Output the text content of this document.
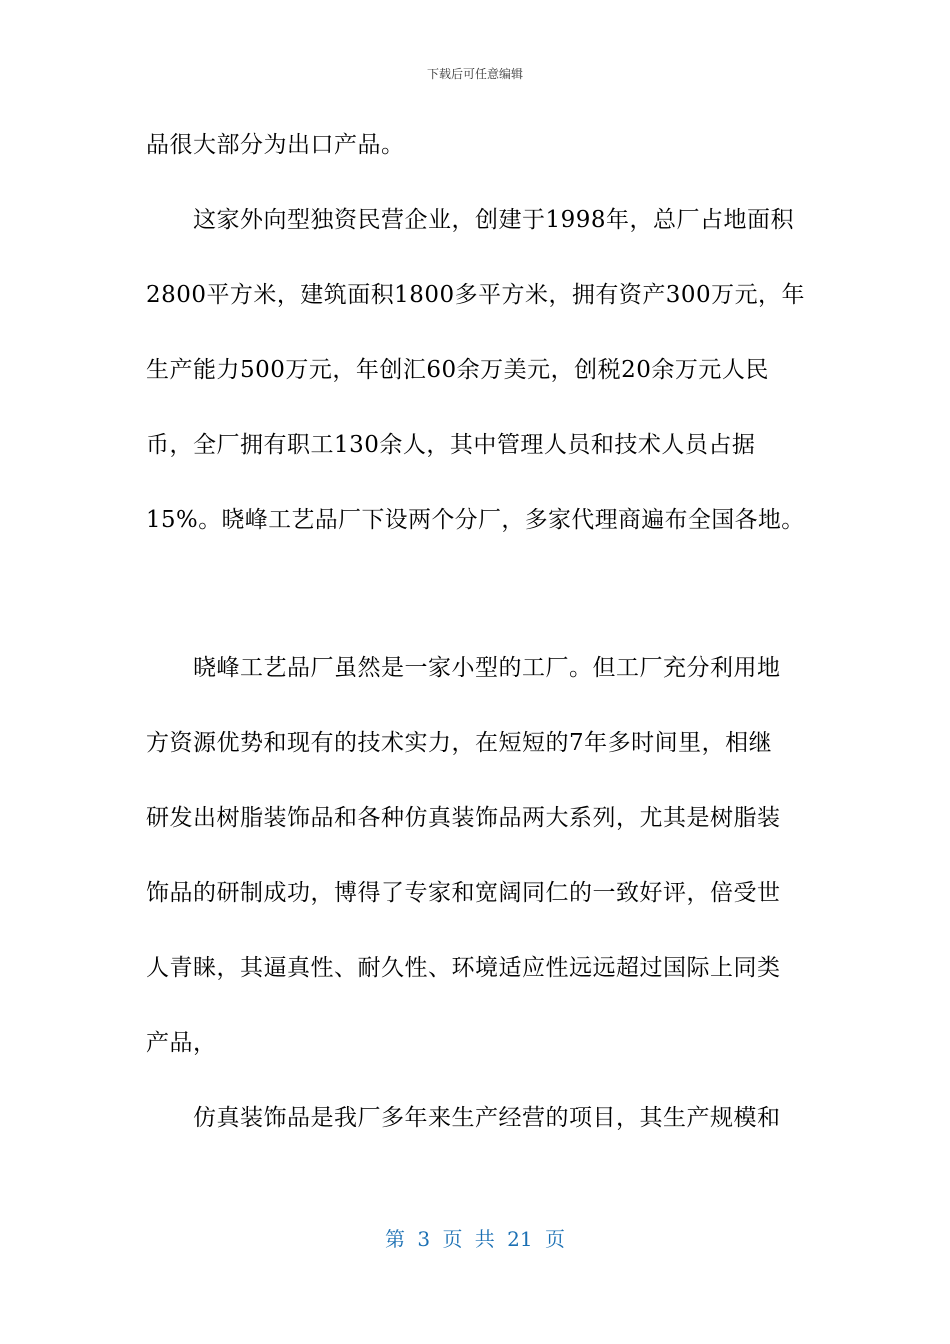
下载后可任意编辑
品很大部分为出口产品。
这家外向型独资民营企业，创建于1998年，总厂占地面积
2800平方米，建筑面积1800多平方米，拥有资产300万元，年
生产能力500万元，年创汇60余万美元，创税20余万元人民
币，全厂拥有职工130余人，其中管理人员和技术人员占据
15%。晓峰工艺品厂下设两个分厂，多家代理商遍布全国各地。
晓峰工艺品厂虽然是一家小型的工厂。但工厂充分利用地
方资源优势和现有的技术实力，在短短的7年多时间里，相继
研发出树脂装饰品和各种仿真装饰品两大系列，尤其是树脂装
饰品的研制成功，博得了专家和宽阔同仁的一致好评，倍受世
人青睐，其逼真性、耐久性、环境适应性远远超过国际上同类
产品，
仿真装饰品是我厂多年来生产经营的项目，其生产规模和
第 3 页 共 21 页
